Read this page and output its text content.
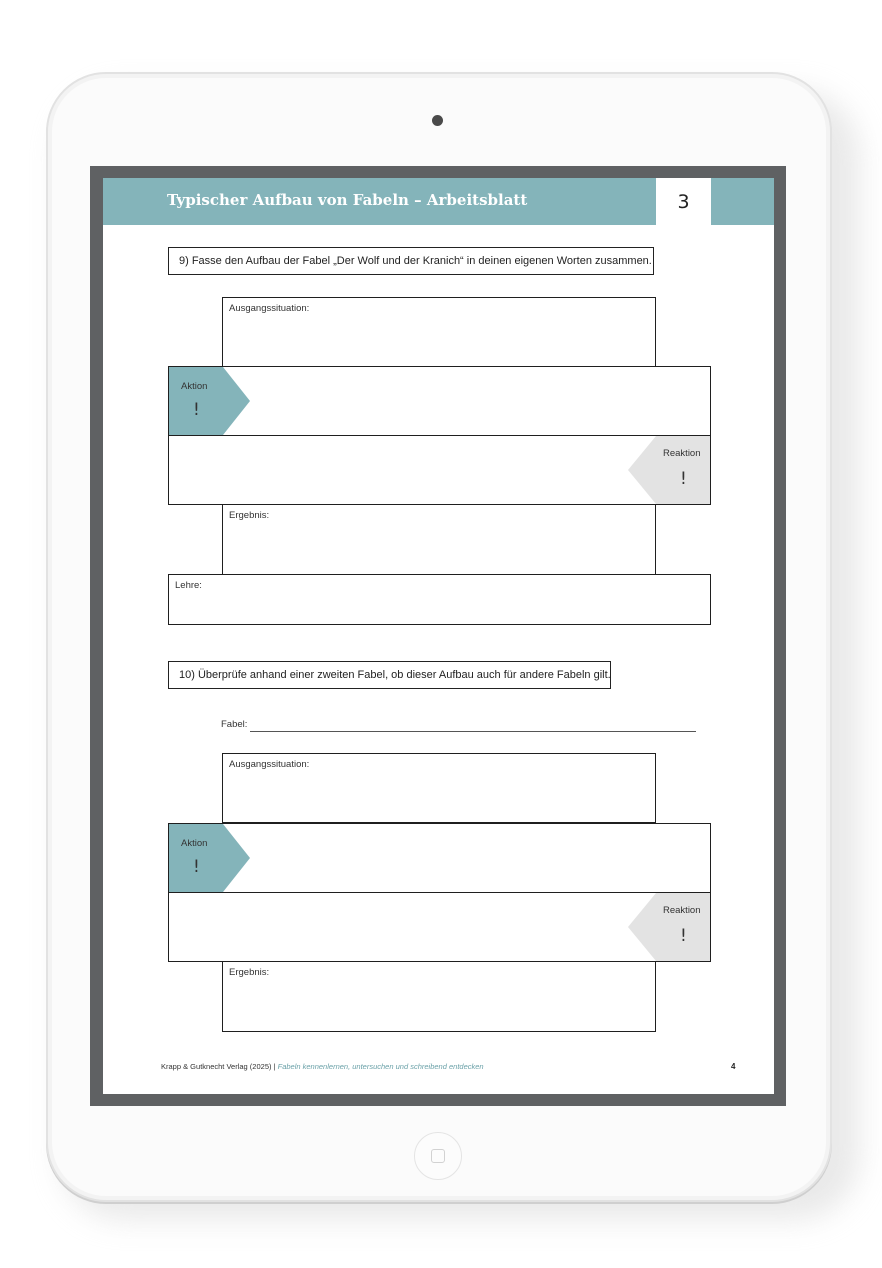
Typischer Aufbau von Fabeln – Arbeitsblatt	3
9) Fasse den Aufbau der Fabel „Der Wolf und der Kranich“ in deinen eigenen Worten zusammen.
Ausgangssituation:
Aktion
!
Reaktion
!
Ergebnis:
Lehre:
10) Überprüfe anhand einer zweiten Fabel, ob dieser Aufbau auch für andere Fabeln gilt.
Fabel:
Ausgangssituation:
Aktion
!
Reaktion
!
Ergebnis:
Krapp & Gutknecht Verlag (2025) | Fabeln kennenlernen, untersuchen und schreibend entdecken	4
